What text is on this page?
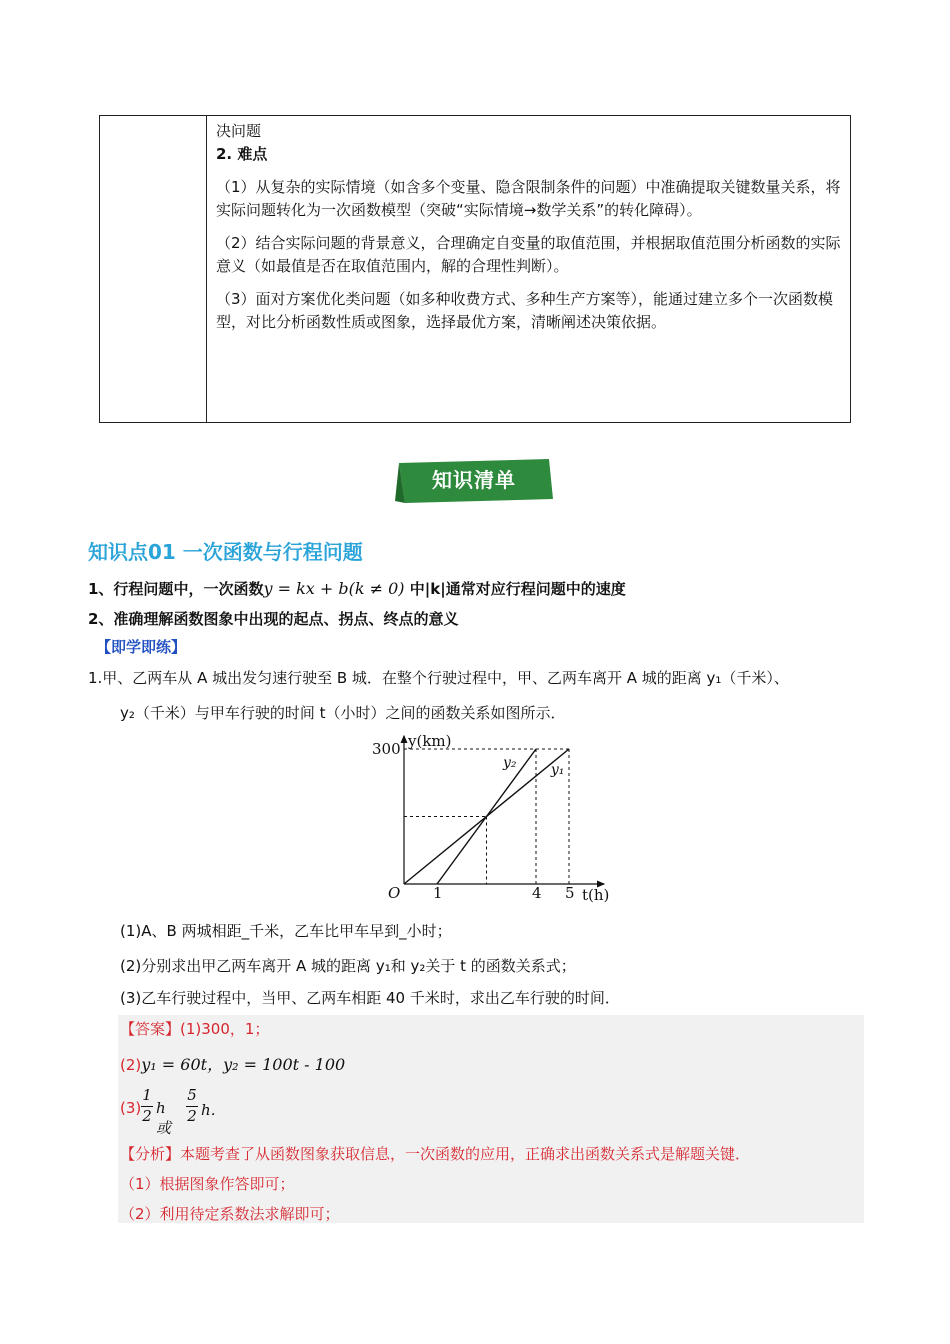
决问题

2. 难点

（1）从复杂的实际情境（如含多个变量、隐含限制条件的问题）中准确提取关键数量关系，将实际问题转化为一次函数模型（突破“实际情境→数学关系”的转化障碍）。

（2）结合实际问题的背景意义，合理确定自变量的取值范围，并根据取值范围分析函数的实际意义（如最值是否在取值范围内，解的合理性判断）。

（3）面对方案优化类问题（如多种收费方式、多种生产方案等），能通过建立多个一次函数模型，对比分析函数性质或图象，选择最优方案，清晰阐述决策依据。

知识清单
知识点01 一次函数与行程问题
1、行程问题中，一次函数y = kx + b(k ≠ 0) 中|k|通常对应行程问题中的速度
2、准确理解函数图象中出现的起点、拐点、终点的意义
【即学即练】
1.甲、乙两车从 A 城出发匀速行驶至 B 城．在整个行驶过程中，甲、乙两车离开 A 城的距离 y₁（千米）、
y₂（千米）与甲车行驶的时间 t（小时）之间的函数关系如图所示．
y(km)
t(h)
O
300
1	4 5
y₁
y₂
(1)A、B 两城相距_千米，乙车比甲车早到_小时；
(2)分别求出甲乙两车离开 A 城的距离 y₁和 y₂关于 t 的函数关系式；
(3)乙车行驶过程中，当甲、乙两车相距 40 千米时，求出乙车行驶的时间．
【答案】(1)300，1；
(2)y₁ = 60t，y₂ = 100t - 100
(3)
1
2 h或
5
2 h．
【分析】本题考查了从函数图象获取信息，一次函数的应用，正确求出函数关系式是解题关键．
（1）根据图象作答即可；
（2）利用待定系数法求解即可；
